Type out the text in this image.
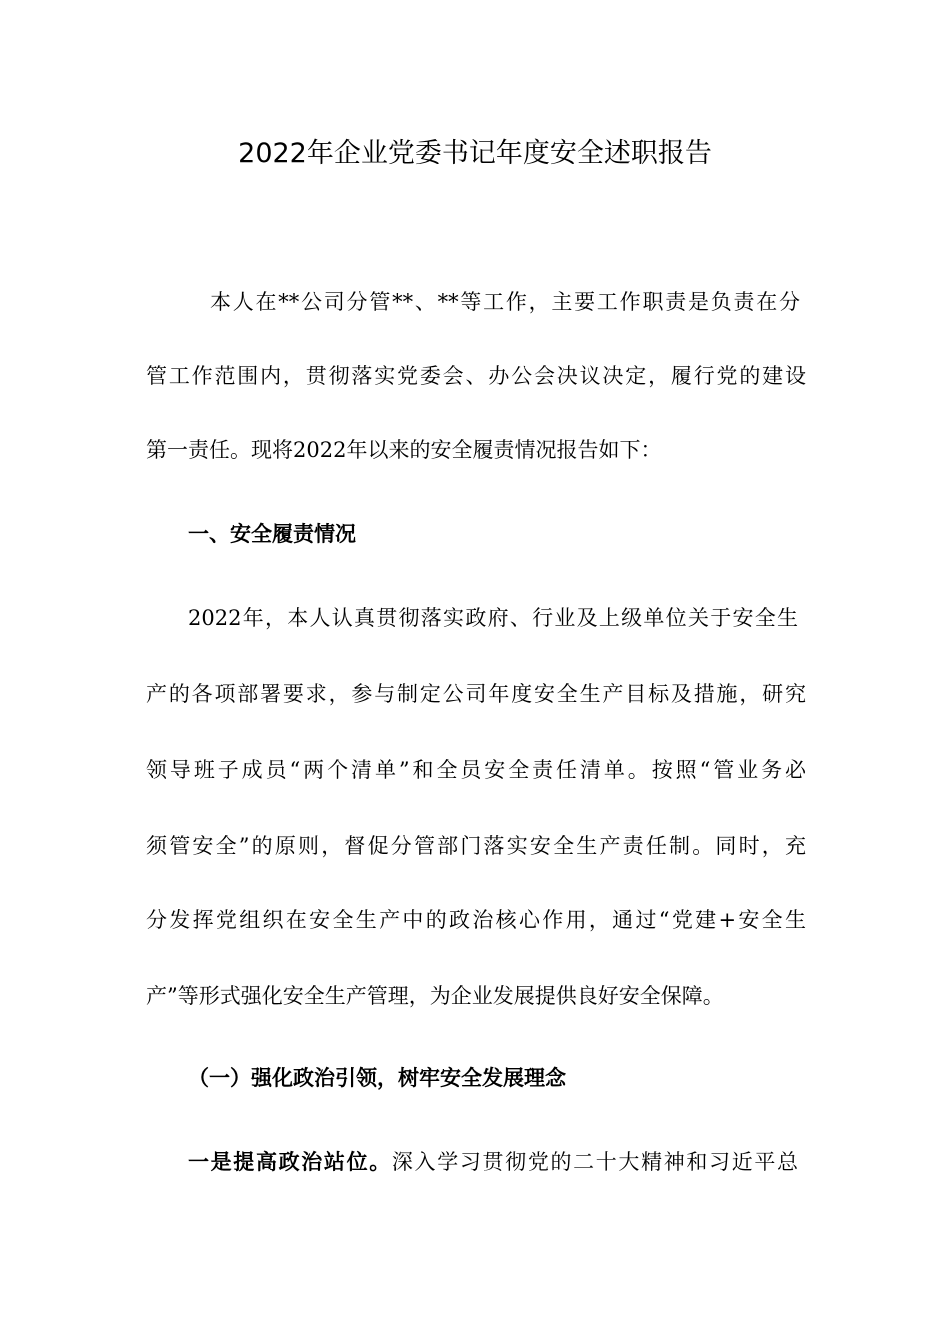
2022年企业党委书记年度安全述职报告
本人在**公司分管**、**等工作，主要工作职责是负责在分
管工作范围内，贯彻落实党委会、办公会决议决定，履行党的建设
第一责任。现将2022年以来的安全履责情况报告如下：
一、安全履责情况
2022年，本人认真贯彻落实政府、行业及上级单位关于安全生
产的各项部署要求，参与制定公司年度安全生产目标及措施，研究
领导班子成员“两个清单”和全员安全责任清单。按照“管业务必
须管安全”的原则，督促分管部门落实安全生产责任制。同时，充
分发挥党组织在安全生产中的政治核心作用，通过“党建+安全生
产”等形式强化安全生产管理，为企业发展提供良好安全保障。
（一）强化政治引领，树牢安全发展理念
一是提高政治站位。深入学习贯彻党的二十大精神和习近平总
